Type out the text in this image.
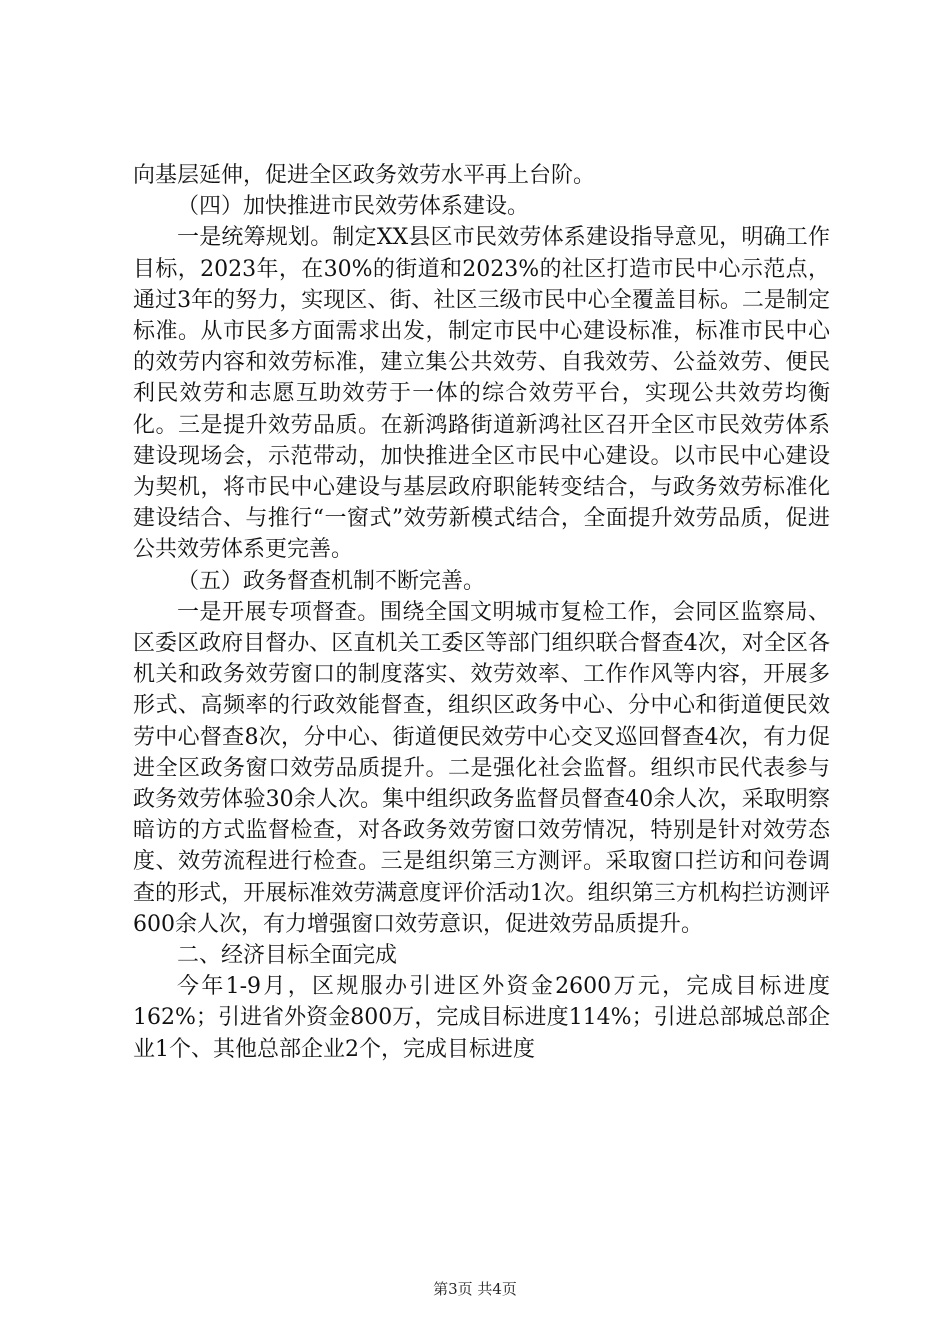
向基层延伸，促进全区政务效劳水平再上台阶。

（四）加快推进市民效劳体系建设。

一是统筹规划。制定XX县区市民效劳体系建设指导意见，明确工作目标，2023年，在30%的街道和2023%的社区打造市民中心示范点，通过3年的努力，实现区、街、社区三级市民中心全覆盖目标。二是制定标准。从市民多方面需求出发，制定市民中心建设标准，标准市民中心的效劳内容和效劳标准，建立集公共效劳、自我效劳、公益效劳、便民利民效劳和志愿互助效劳于一体的综合效劳平台，实现公共效劳均衡化。三是提升效劳品质。在新鸿路街道新鸿社区召开全区市民效劳体系建设现场会，示范带动，加快推进全区市民中心建设。以市民中心建设为契机，将市民中心建设与基层政府职能转变结合，与政务效劳标准化建设结合、与推行“一窗式”效劳新模式结合，全面提升效劳品质，促进公共效劳体系更完善。

（五）政务督查机制不断完善。

一是开展专项督查。围绕全国文明城市复检工作，会同区监察局、区委区政府目督办、区直机关工委区等部门组织联合督查4次，对全区各机关和政务效劳窗口的制度落实、效劳效率、工作作风等内容，开展多形式、高频率的行政效能督查，组织区政务中心、分中心和街道便民效劳中心督查8次，分中心、街道便民效劳中心交叉巡回督查4次，有力促进全区政务窗口效劳品质提升。二是强化社会监督。组织市民代表参与政务效劳体验30余人次。集中组织政务监督员督查40余人次，采取明察暗访的方式监督检查，对各政务效劳窗口效劳情况，特别是针对效劳态度、效劳流程进行检查。三是组织第三方测评。采取窗口拦访和问卷调查的形式，开展标准效劳满意度评价活动1次。组织第三方机构拦访测评600余人次，有力增强窗口效劳意识，促进效劳品质提升。

二、经济目标全面完成

今年1-9月，区规服办引进区外资金2600万元，完成目标进度162%；引进省外资金800万，完成目标进度114%；引进总部城总部企业1个、其他总部企业2个，完成目标进度

第3页 共4页
